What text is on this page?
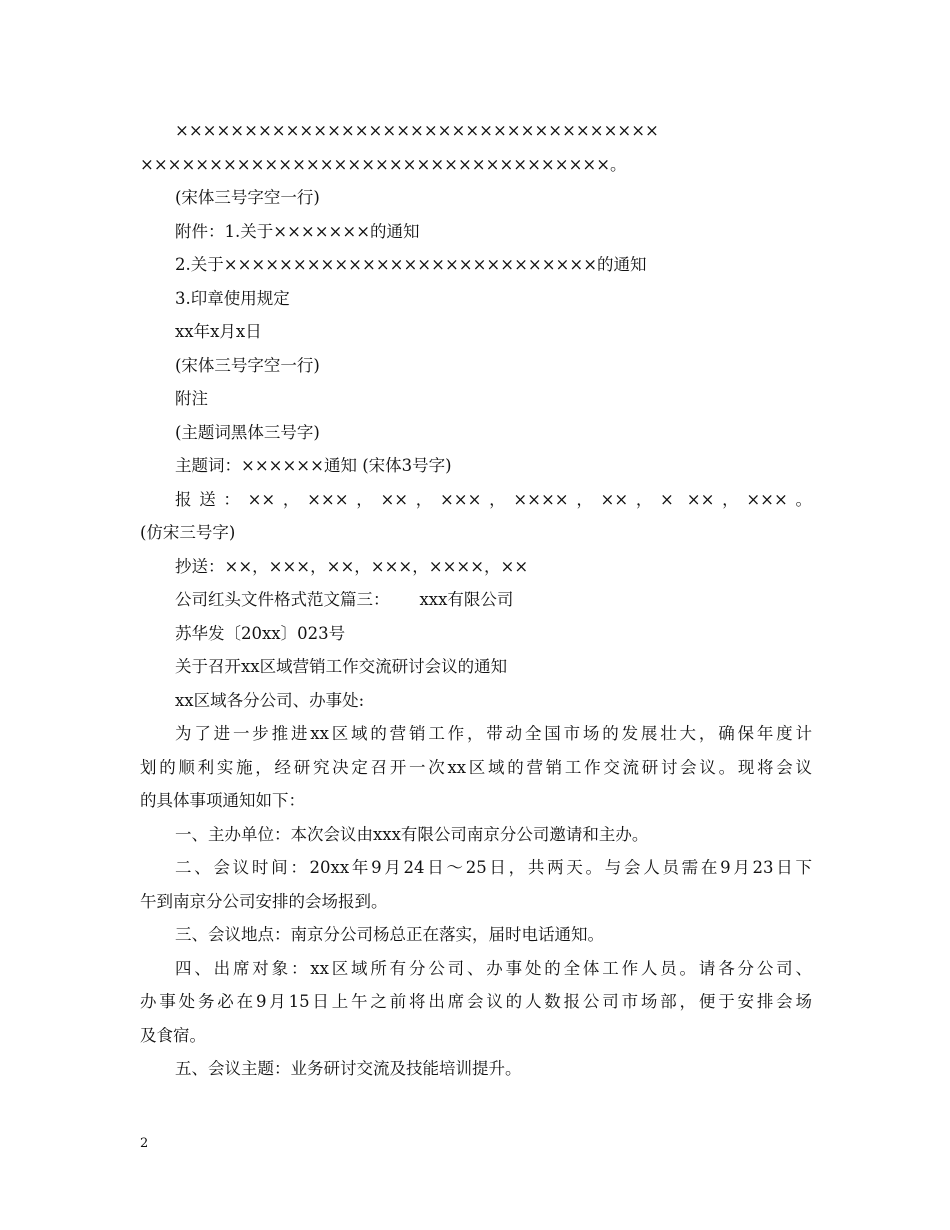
×××××××××××××××××××××××××××××××××××
××××××××××××××××××××××××××××××××××。
(宋体三号字空一行)
附件：1.关于×××××××的通知
2.关于×××××××××××××××××××××××××××的通知
3.印章使用规定
xx年x月x日
(宋体三号字空一行)
附注
(主题词黑体三号字)
主题词：××××××通知 (宋体3号字)
报送：××，×××，××，×××，××××，××，× ××，×××。
(仿宋三号字)
抄送：××，×××，××，×××，××××，××
公司红头文件格式范文篇三：　　 xxx有限公司
苏华发〔20xx〕023号
关于召开xx区域营销工作交流研讨会议的通知
xx区域各分公司、办事处:
为了进一步推进xx区域的营销工作，带动全国市场的发展壮大，确保年度计
划的顺利实施，经研究决定召开一次xx区域的营销工作交流研讨会议。现将会议
的具体事项通知如下：
一、主办单位：本次会议由xxx有限公司南京分公司邀请和主办。
二、会议时间：20xx年9月24日～25日，共两天。与会人员需在9月23日下
午到南京分公司安排的会场报到。
三、会议地点：南京分公司杨总正在落实，届时电话通知。
四、出席对象：xx区域所有分公司、办事处的全体工作人员。请各分公司、
办事处务必在9月15日上午之前将出席会议的人数报公司市场部，便于安排会场
及食宿。
五、会议主题：业务研讨交流及技能培训提升。
2
